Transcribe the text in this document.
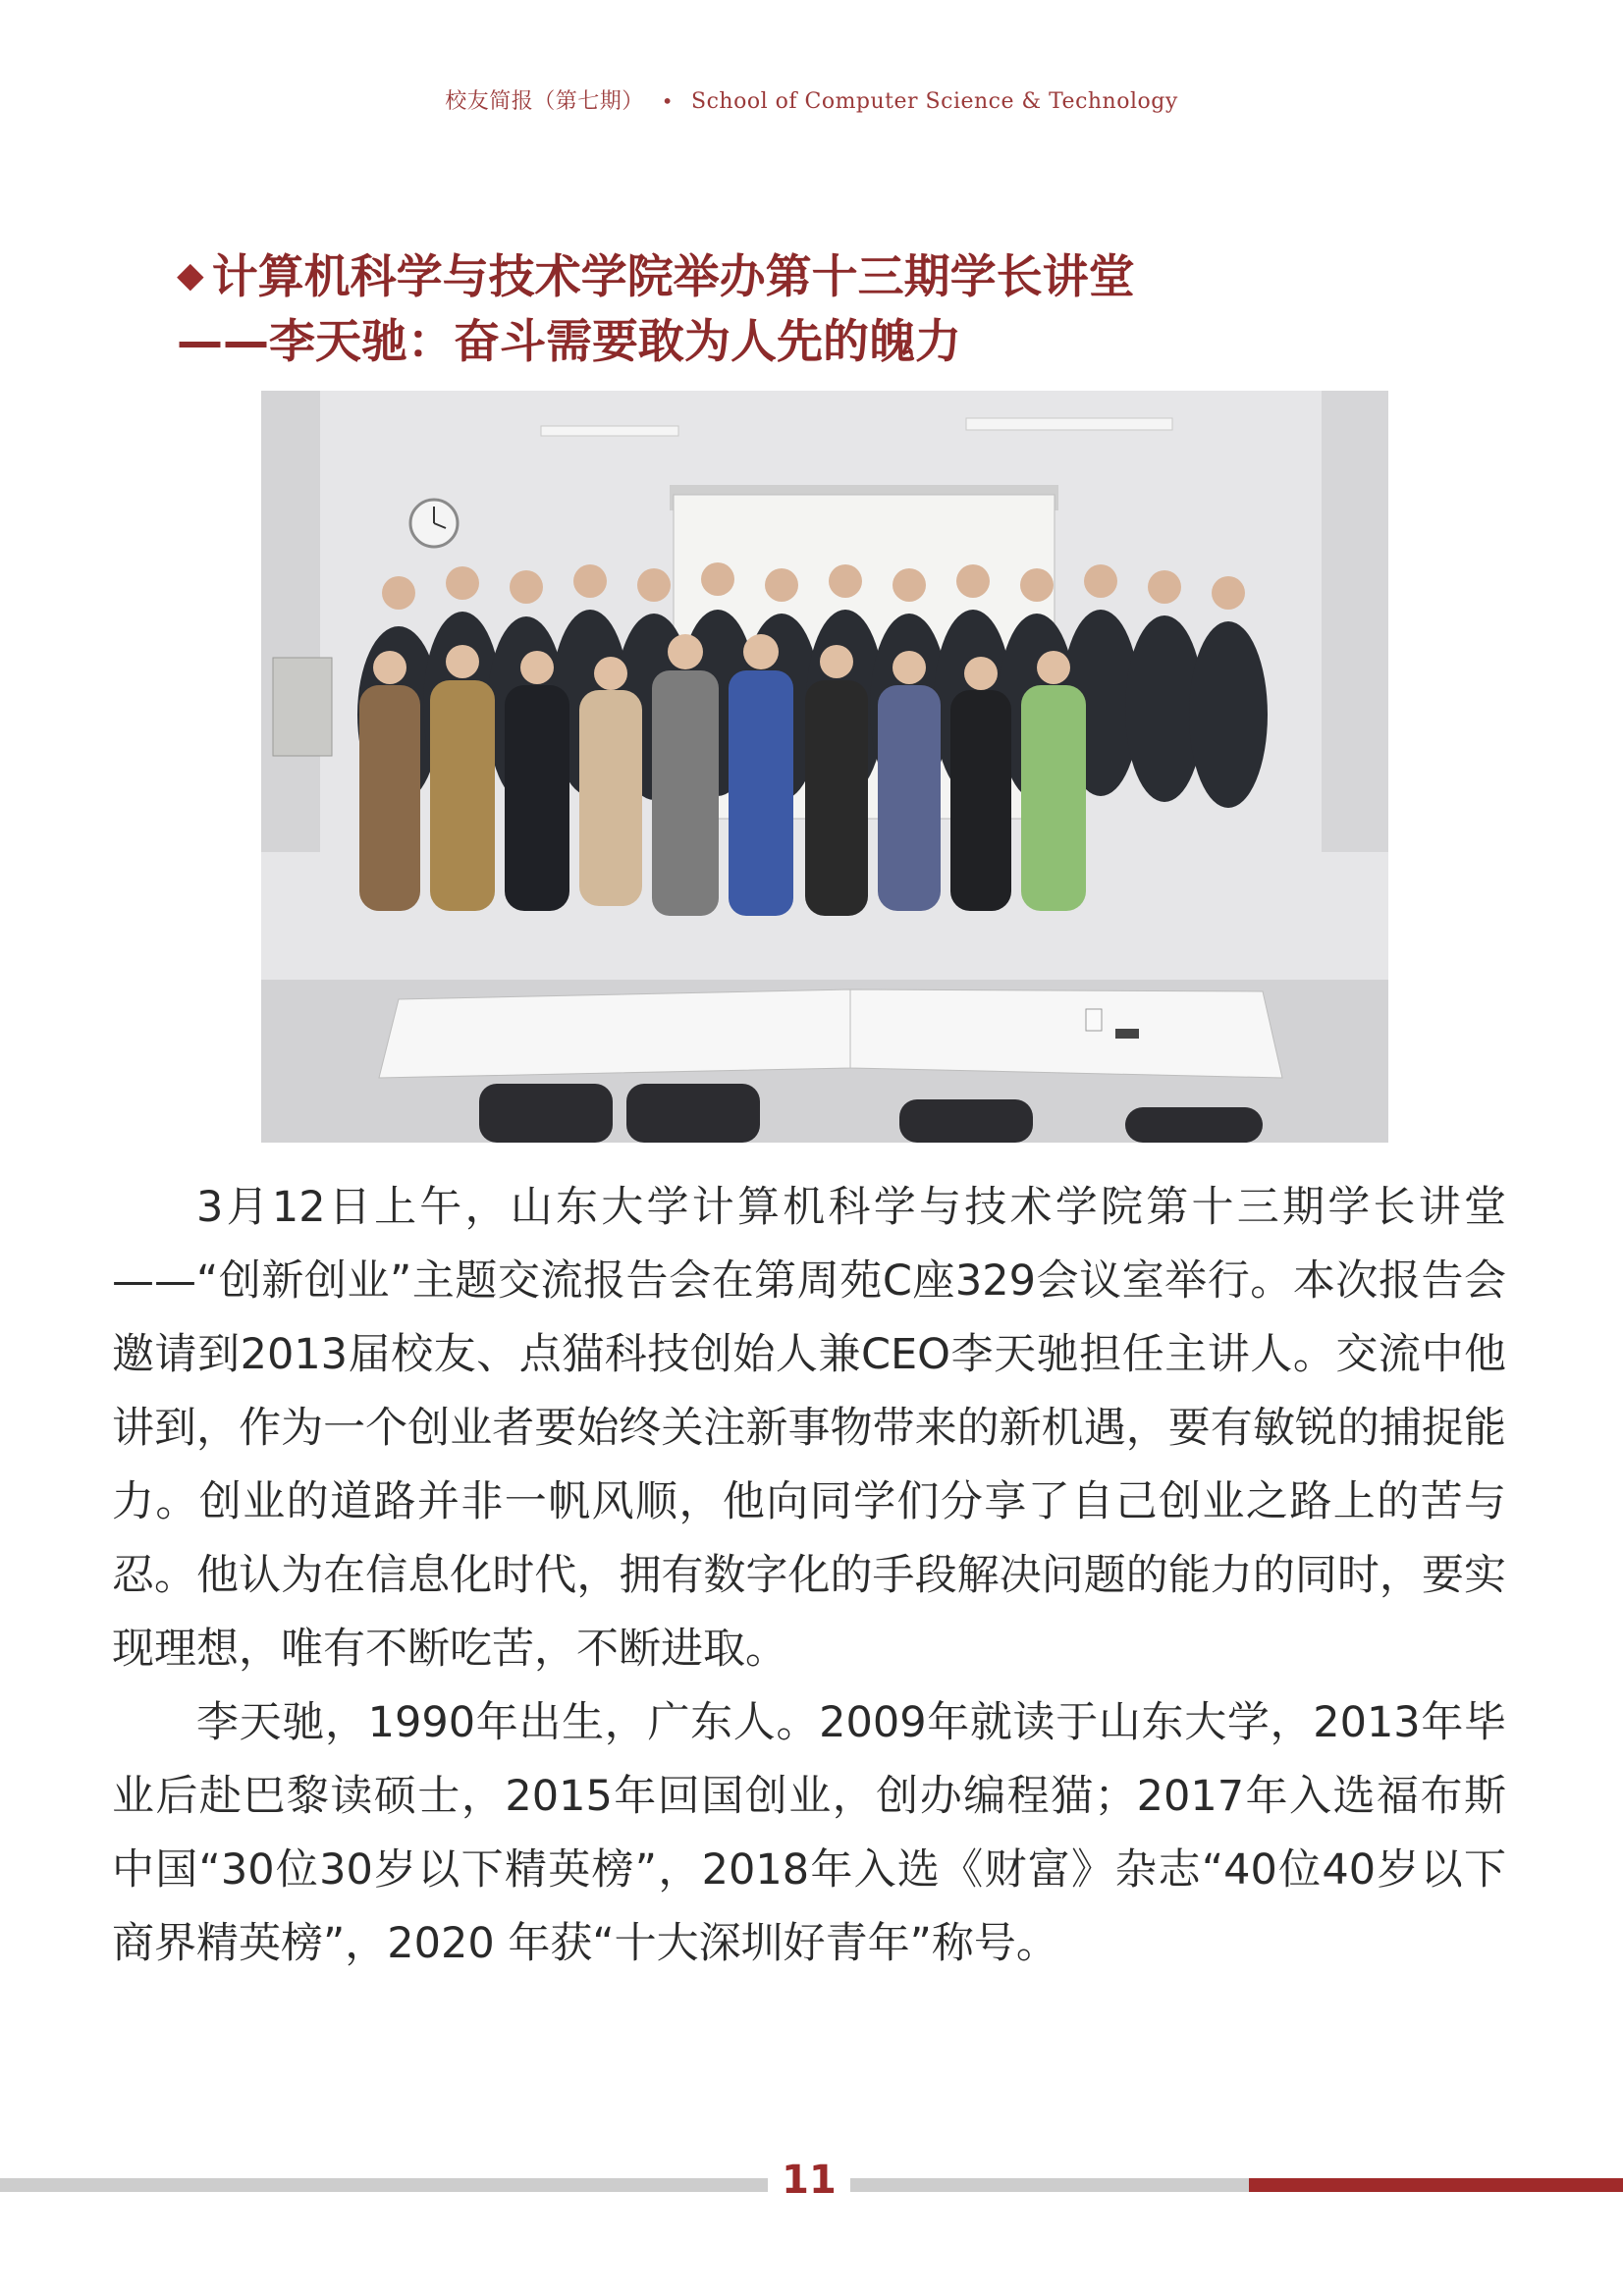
校友简报（第七期） • School of Computer Science & Technology
◆ 计算机科学与技术学院举办第十三期学长讲堂
——李天驰：奋斗需要敢为人先的魄力

3月12日上午，山东大学计算机科学与技术学院第十三期学长讲堂——“创新创业”主题交流报告会在第周苑C座329会议室举行。本次报告会邀请到2013届校友、点猫科技创始人兼CEO李天驰担任主讲人。交流中他讲到，作为一个创业者要始终关注新事物带来的新机遇，要有敏锐的捕捉能力。创业的道路并非一帆风顺，他向同学们分享了自己创业之路上的苦与忍。他认为在信息化时代，拥有数字化的手段解决问题的能力的同时，要实现理想，唯有不断吃苦，不断进取。

李天驰，1990年出生，广东人。2009年就读于山东大学，2013年毕业后赴巴黎读硕士，2015年回国创业，创办编程猫；2017年入选福布斯中国“30位30岁以下精英榜”，2018年入选《财富》杂志“40位40岁以下商界精英榜”，2020 年获“十大深圳好青年”称号。

11
